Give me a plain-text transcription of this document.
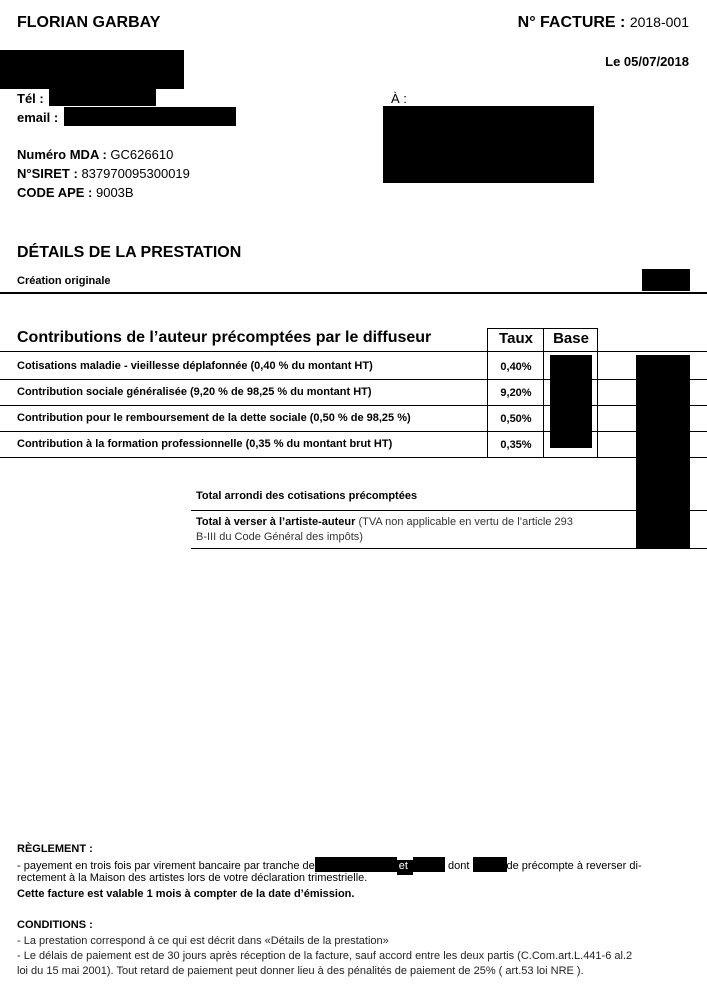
FLORIAN GARBAY	N° FACTURE : 2018-001
Le 05/07/2018
Tél :
email :
À :
Numéro MDA : GC626610
N°SIRET : 837970095300019
CODE APE : 9003B
DÉTAILS DE LA PRESTATION
Création originale
Contributions de l’auteur précomptées par le diffuseur	Taux	Base
Cotisations maladie - vieillesse déplafonnée (0,40 % du montant HT)	0,40%
Contribution sociale généralisée (9,20 % de 98,25 % du montant HT)	9,20%
Contribution pour le remboursement de la dette sociale (0,50 % de 98,25 %)	0,50%
Contribution à la formation professionnelle (0,35 % du montant brut HT)	0,35%
Total arrondi des cotisations précomptées
Total à verser à l’artiste-auteur (TVA non applicable en vertu de l’article 293
B-III du Code Général des impôts)
RÈGLEMENT :
- payement en trois fois par virement bancaire par tranche de	et	dont	de précompte à reverser di-
rectement à la Maison des artistes lors de votre déclaration trimestrielle.
Cette facture est valable 1 mois à compter de la date d’émission.
CONDITIONS :
- La prestation correspond à ce qui est décrit dans «Détails de la prestation»
- Le délais de paiement est de 30 jours après réception de la facture, sauf accord entre les deux partis (C.Com.art.L.441-6 al.2
loi du 15 mai 2001). Tout retard de paiement peut donner lieu à des pénalités de paiement de 25% ( art.53 loi NRE ).
